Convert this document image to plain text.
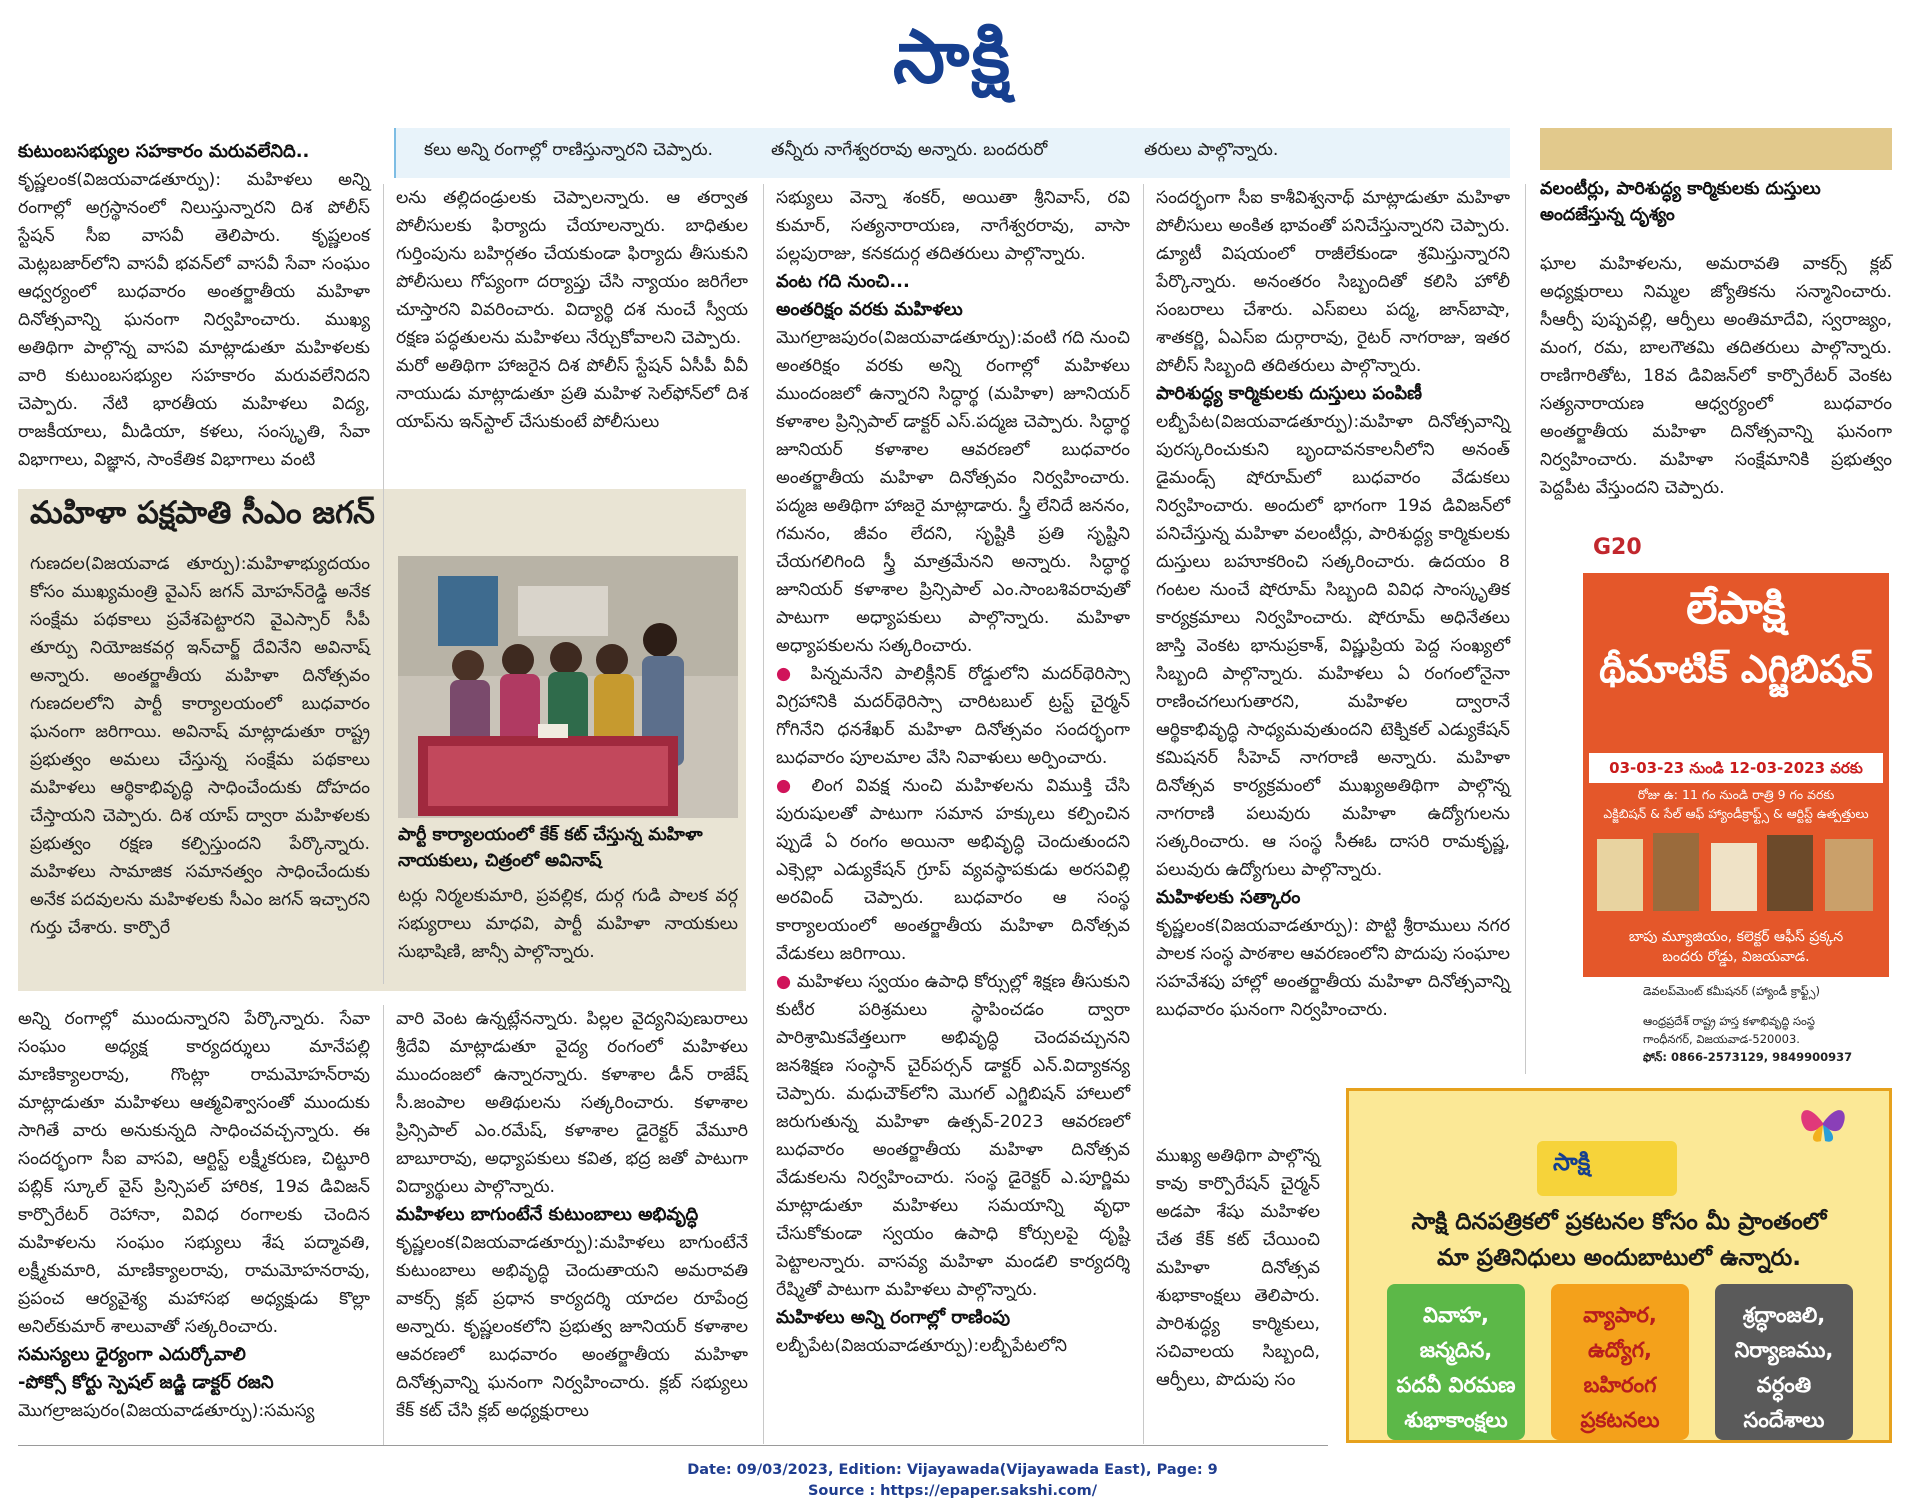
సాక్షి
కలు అన్ని రంగాల్లో రాణిస్తున్నారని చెప్పారు.	తన్నీరు నాగేశ్వరరావు అన్నారు. బందరురో	తరులు పాల్గొన్నారు.

కుటుంబసభ్యుల సహకారం మరువలేనిది..

కృష్ణలంక(విజయవాడతూర్పు): మహిళలు అన్ని రంగాల్లో అగ్రస్థానంలో నిలుస్తున్నారని దిశ పోలీస్ స్టేషన్ సీఐ వాసవీ తెలిపారు. కృష్ణలంక మెట్లబజార్‌లోని వాసవీ భవన్‌లో వాసవీ సేవా సంఘం ఆధ్వర్యంలో బుధవారం అంతర్జాతీయ మహిళా దినోత్సవాన్ని ఘనంగా నిర్వహించారు. ముఖ్య అతిథిగా పాల్గొన్న వాసవి మాట్లాడుతూ మహిళలకు వారి కుటుంబసభ్యుల సహకారం మరువలేనిదని చెప్పారు. నేటి భారతీయ మహిళలు విద్య, రాజకీయాలు, మీడియా, కళలు, సంస్కృతి, సేవా విభాగాలు, విజ్ఞాన, సాంకేతిక విభాగాలు వంటి

అన్ని రంగాల్లో ముందున్నారని పేర్కొన్నారు. సేవా సంఘం అధ్యక్ష కార్యదర్శులు మానేపల్లి మాణిక్యాలరావు, గొంట్లా రామమోహన్‌రావు మాట్లాడుతూ మహిళలు ఆత్మవిశ్వాసంతో ముందుకు సాగితే వారు అనుకున్నది సాధించవచ్చన్నారు. ఈ సందర్భంగా సీఐ వాసవి, ఆర్టిస్ట్ లక్ష్మీకరుణ, చిట్టూరి పబ్లిక్ స్కూల్ వైస్ ప్రిన్సిపల్ హారిక, 19వ డివిజన్ కార్పొరేటర్ రెహానా, వివిధ రంగాలకు చెందిన మహిళలను సంఘం సభ్యులు శేష పద్మావతి, లక్ష్మీకుమారి, మాణిక్యాలరావు, రామమోహనరావు, ప్రపంచ ఆర్యవైశ్య మహాసభ అధ్యక్షుడు కొల్లా అనిల్‌కుమార్ శాలువాతో సత్కరించారు.

సమస్యలు ధైర్యంగా ఎదుర్కోవాలి

-పోక్సో కోర్టు స్పెషల్ జడ్జి డాక్టర్ రజని

మొగల్రాజపురం(విజయవాడతూర్పు):సమస్య

లను తల్లిదండ్రులకు చెప్పాలన్నారు. ఆ తర్వాత పోలీసులకు ఫిర్యాదు చేయాలన్నారు. బాధితుల గుర్తింపును బహిర్గతం చేయకుండా ఫిర్యాదు తీసుకుని పోలీసులు గోప్యంగా దర్యాప్తు చేసి న్యాయం జరిగేలా చూస్తారని వివరించారు. విద్యార్థి దశ నుంచే స్వీయ రక్షణ పద్ధతులను మహిళలు నేర్చుకోవాలని చెప్పారు.

మరో అతిథిగా హాజరైన దిశ పోలీస్ స్టేషన్ ఏసీపీ వీవీ నాయుడు మాట్లాడుతూ ప్రతి మహిళ సెల్‌ఫోన్‌లో దిశ యాప్‌ను ఇన్‌స్టాల్ చేసుకుంటే పోలీసులు

వారి వెంట ఉన్నట్లేనన్నారు. పిల్లల వైద్యనిపుణురాలు శ్రీదేవి మాట్లాడుతూ వైద్య రంగంలో మహిళలు ముందంజలో ఉన్నారన్నారు. కళాశాల డీన్ రాజేష్ సీ.జంపాల అతిథులను సత్కరించారు. కళాశాల ప్రిన్సిపాల్ ఎం.రమేష్, కళాశాల డైరెక్టర్ వేమూరి బాబూరావు, అధ్యాపకులు కవిత, భద్ర జతో పాటుగా విద్యార్థులు పాల్గొన్నారు.

మహిళలు బాగుంటేనే కుటుంబాలు అభివృద్ధి

కృష్ణలంక(విజయవాడతూర్పు):మహిళలు బాగుంటేనే కుటుంబాలు అభివృద్ధి చెందుతాయని అమరావతి వాకర్స్ క్లబ్ ప్రధాన కార్యదర్శి యాదల రూపేంద్ర అన్నారు. కృష్ణలంకలోని ప్రభుత్వ జూనియర్ కళాశాల ఆవరణలో బుధవారం అంతర్జాతీయ మహిళా దినోత్సవాన్ని ఘనంగా నిర్వహించారు. క్లబ్ సభ్యులు కేక్ కట్ చేసి క్లబ్ అధ్యక్షురాలు

మహిళా పక్షపాతి సీఎం జగన్

గుణదల(విజయవాడ తూర్పు):మహిళాభ్యుదయం కోసం ముఖ్యమంత్రి వైఎస్ జగన్ మోహన్‌రెడ్డి అనేక సంక్షేమ పథకాలు ప్రవేశపెట్టారని వైఎస్సార్ సీపీ తూర్పు నియోజకవర్గ ఇన్‌చార్జ్ దేవినేని అవినాష్ అన్నారు. అంతర్జాతీయ మహిళా దినోత్సవం గుణదలలోని పార్టీ కార్యాలయంలో బుధవారం ఘనంగా జరిగాయి. అవినాష్ మాట్లాడుతూ రాష్ట్ర ప్రభుత్వం అమలు చేస్తున్న సంక్షేమ పథకాలు మహిళలు ఆర్థికాభివృద్ధి సాధించేందుకు దోహదం చేస్తాయని చెప్పారు. దిశ యాప్ ద్వారా మహిళలకు ప్రభుత్వం రక్షణ కల్పిస్తుందని పేర్కొన్నారు. మహిళలు సామాజిక సమానత్వం సాధించేందుకు అనేక పదవులను మహిళలకు సీఎం జగన్ ఇచ్చారని గుర్తు చేశారు. కార్పొరే

పార్టీ కార్యాలయంలో కేక్ కట్ చేస్తున్న మహిళా నాయకులు, చిత్రంలో అవినాష్

టర్లు నిర్మలకుమారి, ప్రవల్లిక, దుర్గ గుడి పాలక వర్గ సభ్యురాలు మాధవి, పార్టీ మహిళా నాయకులు సుభాషిణి, జాన్సీ పాల్గొన్నారు.

సభ్యులు వెన్నా శంకర్, అయితా శ్రీనివాస్, రవి కుమార్, సత్యనారాయణ, నాగేశ్వరరావు, వాసా పల్లపురాజు, కనకదుర్గ తదితరులు పాల్గొన్నారు.

వంట గది నుంచి...

అంతరిక్షం వరకు మహిళలు

మొగల్రాజపురం(విజయవాడతూర్పు):వంటి గది నుంచి అంతరిక్షం వరకు అన్ని రంగాల్లో మహిళలు ముందంజలో ఉన్నారని సిద్ధార్థ (మహిళా) జూనియర్ కళాశాల ప్రిన్సిపాల్ డాక్టర్ ఎస్.పద్మజ చెప్పారు. సిద్ధార్థ జూనియర్ కళాశాల ఆవరణలో బుధవారం అంతర్జాతీయ మహిళా దినోత్సవం నిర్వహించారు. పద్మజ అతిథిగా హాజరై మాట్లాడారు. స్త్రీ లేనిదే జననం, గమనం, జీవం లేదని, సృష్టికి ప్రతి సృష్టిని చేయగలిగింది స్త్రీ మాత్రమేనని అన్నారు. సిద్ధార్థ జూనియర్ కళాశాల ప్రిన్సిపాల్ ఎం.సాంబశివరావుతో పాటుగా అధ్యాపకులు పాల్గొన్నారు. మహిళా అధ్యాపకులను సత్కరించారు.

● పిన్నమనేని పాలిక్లీనిక్ రోడ్డులోని మదర్‌థెరిస్సా విగ్రహానికి మదర్‌థెరిస్సా చారిటబుల్ ట్రస్ట్ చైర్మన్ గోగినేని ధనశేఖర్ మహిళా దినోత్సవం సందర్భంగా బుధవారం పూలమాల వేసి నివాళులు అర్పించారు.

● లింగ వివక్ష నుంచి మహిళలను విముక్తి చేసి పురుషులతో పాటుగా సమాన హక్కులు కల్పించిన ప్పుడే ఏ రంగం అయినా అభివృద్ధి చెందుతుందని ఎక్సెల్లా ఎడ్యుకేషన్ గ్రూప్ వ్యవస్థాపకుడు అరసవిల్లి అరవింద్ చెప్పారు. బుధవారం ఆ సంస్థ కార్యాలయంలో అంతర్జాతీయ మహిళా దినోత్సవ వేడుకలు జరిగాయి.

● మహిళలు స్వయం ఉపాధి కోర్సుల్లో శిక్షణ తీసుకుని కుటీర పరిశ్రమలు స్థాపించడం ద్వారా పారిశ్రామికవేత్తలుగా అభివృద్ధి చెందవచ్చునని జనశిక్షణ సంస్థాన్ చైర్‌పర్సన్ డాక్టర్ ఎన్.విద్యాకన్య చెప్పారు. మధుచౌక్‌లోని మొగల్ ఎగ్జిబిషన్ హాలులో జరుగుతున్న మహిళా ఉత్సవ్-2023 ఆవరణలో బుధవారం అంతర్జాతీయ మహిళా దినోత్సవ వేడుకలను నిర్వహించారు. సంస్థ డైరెక్టర్ ఎ.పూర్ణిమ మాట్లాడుతూ మహిళలు సమయాన్ని వృధా చేసుకోకుండా స్వయం ఉపాధి కోర్సులపై దృష్టి పెట్టాలన్నారు. వాసవ్య మహిళా మండలి కార్యదర్శి రేష్మితో పాటుగా మహిళలు పాల్గొన్నారు.

మహిళలు అన్ని రంగాల్లో రాణింపు

లబ్బీపేట(విజయవాడతూర్పు):లబ్బీపేటలోని

సందర్భంగా సీఐ కాశీవిశ్వనాథ్ మాట్లాడుతూ మహిళా పోలీసులు అంకిత భావంతో పనిచేస్తున్నారని చెప్పారు. డ్యూటీ విషయంలో రాజీలేకుండా శ్రమిస్తున్నారని పేర్కొన్నారు. అనంతరం సిబ్బందితో కలిసి హోలీ సంబరాలు చేశారు. ఎస్ఐలు పద్మ, జాన్‌బాషా, శాతకర్ణి, ఏఎస్ఐ దుర్గారావు, రైటర్ నాగరాజు, ఇతర పోలీస్ సిబ్బంది తదితరులు పాల్గొన్నారు.

పారిశుద్ధ్య కార్మికులకు దుస్తులు పంపిణీ

లబ్బీపేట(విజయవాడతూర్పు):మహిళా దినోత్సవాన్ని పురస్కరించుకుని బృందావనకాలనీలోని అనంత్ డైమండ్స్ షోరూమ్‌లో బుధవారం వేడుకలు నిర్వహించారు. అందులో భాగంగా 19వ డివిజన్‌లో పనిచేస్తున్న మహిళా వలంటీర్లు, పారిశుద్ధ్య కార్మికులకు దుస్తులు బహూకరించి సత్కరించారు. ఉదయం 8 గంటల నుంచే షోరూమ్ సిబ్బంది వివిధ సాంస్కృతిక కార్యక్రమాలు నిర్వహించారు. షోరూమ్ అధినేతలు జాస్తి వెంకట భానుప్రకాశ్, విష్ణుప్రియ పెద్ద సంఖ్యలో సిబ్బంది పాల్గొన్నారు. మహిళలు ఏ రంగంలోనైనా రాణించగలుగుతారని, మహిళల ద్వారానే ఆర్థికాభివృద్ధి సాధ్యమవుతుందని టెక్నికల్ ఎడ్యుకేషన్ కమిషనర్ సీహెచ్ నాగరాణి అన్నారు. మహిళా దినోత్సవ కార్యక్రమంలో ముఖ్యఅతిథిగా పాల్గొన్న నాగరాణి పలువురు మహిళా ఉద్యోగులను సత్కరించారు. ఆ సంస్థ సీఈఓ దాసరి రామకృష్ణ, పలువురు ఉద్యోగులు పాల్గొన్నారు.

మహిళలకు సత్కారం

కృష్ణలంక(విజయవాడతూర్పు): పొట్టి శ్రీరాములు నగర పాలక సంస్థ పాఠశాల ఆవరణంలోని పొదుపు సంఘాల సహవేశపు హాల్లో అంతర్జాతీయ మహిళా దినోత్సవాన్ని బుధవారం ఘనంగా నిర్వహించారు.

ముఖ్య అతిథిగా పాల్గొన్న కావు కార్పొరేషన్ చైర్మన్ అడపా శేషు మహిళల చేత కేక్ కట్ చేయించి మహిళా దినోత్సవ శుభాకాంక్షలు తెలిపారు. పారిశుద్ధ్య కార్మికులు, సచివాలయ సిబ్బంది, ఆర్పీలు, పొదుపు సం

వలంటీర్లు, పారిశుద్ధ్య కార్మికులకు దుస్తులు అందజేస్తున్న దృశ్యం

ఘాల మహిళలను, అమరావతి వాకర్స్ క్లబ్ అధ్యక్షురాలు నిమ్మల జ్యోతికను సన్మానించారు. సీఆర్పీ పుష్పవల్లి, ఆర్పీలు అంతిమాదేవి, స్వరాజ్యం, మంగ, రమ, బాలగౌతమి తదితరులు పాల్గొన్నారు. రాణిగారితోట, 18వ డివిజన్‌లో కార్పొరేటర్ వెంకట సత్యనారాయణ ఆధ్వర్యంలో బుధవారం అంతర్జాతీయ మహిళా దినోత్సవాన్ని ఘనంగా నిర్వహించారు. మహిళా సంక్షేమానికి ప్రభుత్వం పెద్దపీట వేస్తుందని చెప్పారు.

G20
లేపాక్షి
థీమాటిక్ ఎగ్జిబిషన్
03-03-23 నుండి 12-03-2023 వరకు
రోజు ఉ: 11 గం నుండి రాత్రి 9 గం వరకు
ఎక్జిబిషన్ & సేల్ ఆఫ్ హ్యాండీక్రాఫ్ట్స్ & ఆర్టిస్ట్ ఉత్పత్తులు
బాపు మ్యూజియం, కలెక్టర్ ఆఫీస్ ప్రక్కన
బందరు రోడ్డు, విజయవాడ.
డెవలప్‌మెంట్ కమీషనర్ (హ్యాండీ క్రాఫ్ట్స్)
ఆంధ్రప్రదేశ్ రాష్ట్ర హస్త కళాభివృద్ధి సంస్థ
గాంధీనగర్, విజయవాడ-520003.
ఫోన్: 0866-2573129, 9849900937
సాక్షి
సాక్షి దినపత్రికలో ప్రకటనల కోసం మీ ప్రాంతంలో
మా ప్రతినిధులు అందుబాటులో ఉన్నారు.
వివాహ, జన్మదిన, పదవీ విరమణ శుభాకాంక్షలు
వ్యాపార, ఉద్యోగ, బహిరంగ ప్రకటనలు
శ్రద్ధాంజలి, నిర్యాణము, వర్ధంతి సందేశాలు
Date: 09/03/2023, Edition: Vijayawada(Vijayawada East), Page: 9
Source : https://epaper.sakshi.com/
